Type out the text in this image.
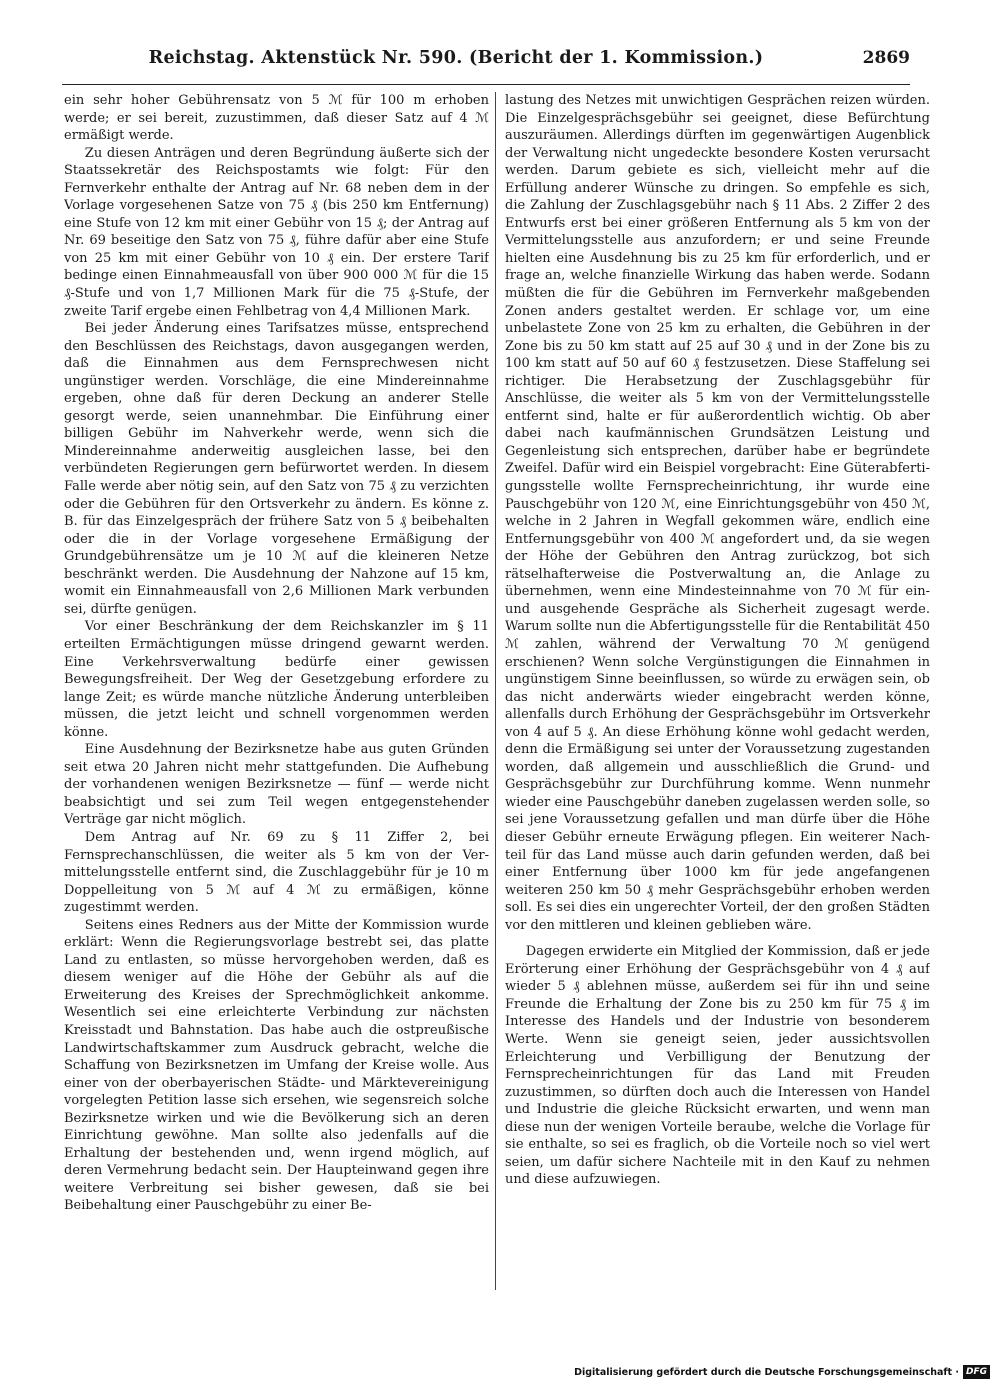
Reichstag. Aktenstück Nr. 590. (Bericht der 1. Kommission.)	2869

ein sehr hoher Gebührensatz von 5 ℳ für 100 m erhoben werde; er sei bereit, zuzustimmen, daß dieser Satz auf 4 ℳ ermäßigt werde.

Zu diesen Anträgen und deren Begründung äußerte sich der Staatssekretär des Reichspostamts wie folgt: Für den Fernverkehr enthalte der Antrag auf Nr. 68 neben dem in der Vorlage vorgesehenen Satze von 75 ₰ (bis 250 km Entfernung) eine Stufe von 12 km mit einer Gebühr von 15 ₰; der Antrag auf Nr. 69 beseitige den Satz von 75 ₰, führe dafür aber eine Stufe von 25 km mit einer Gebühr von 10 ₰ ein. Der erstere Tarif bedinge einen Einnahmeausfall von über 900 000 ℳ für die 15 ₰-Stufe und von 1,7 Millionen Mark für die 75 ₰-Stufe, der zweite Tarif ergebe einen Fehlbetrag von 4,4 Millionen Mark.

Bei jeder Änderung eines Tarifsatzes müsse, entsprechend den Beschlüssen des Reichstags, davon ausgegangen werden, daß die Einnahmen aus dem Fernsprechwesen nicht ungünstiger werden. Vorschläge, die eine Mindereinnahme ergeben, ohne daß für deren Deckung an anderer Stelle gesorgt werde, seien unannehmbar. Die Einführung einer billigen Gebühr im Nahverkehr werde, wenn sich die Mindereinnahme anderweitig ausgleichen lasse, bei den verbündeten Regierungen gern befürwortet werden. In diesem Falle werde aber nötig sein, auf den Satz von 75 ₰ zu verzichten oder die Gebühren für den Ortsverkehr zu ändern. Es könne z. B. für das Einzelgespräch der frühere Satz von 5 ₰ beibehalten oder die in der Vorlage vorgesehene Ermäßigung der Grundgebührensätze um je 10 ℳ auf die kleineren Netze beschränkt werden. Die Ausdehnung der Nahzone auf 15 km, womit ein Einnahmeausfall von 2,6 Millionen Mark verbunden sei, dürfte genügen.

Vor einer Beschränkung der dem Reichskanzler im § 11 erteilten Ermächtigungen müsse dringend gewarnt werden. Eine Verkehrsverwaltung bedürfe einer gewissen Bewegungsfreiheit. Der Weg der Gesetzgebung erfordere zu lange Zeit; es würde manche nützliche Änderung unterbleiben müssen, die jetzt leicht und schnell vorgenommen werden könne.

Eine Ausdehnung der Bezirksnetze habe aus guten Gründen seit etwa 20 Jahren nicht mehr stattgefunden. Die Aufhebung der vorhandenen wenigen Bezirksnetze — fünf — werde nicht beabsichtigt und sei zum Teil wegen entgegenstehender Verträge gar nicht möglich.

Dem Antrag auf Nr. 69 zu § 11 Ziffer 2, bei Fernsprechanschlüssen, die weiter als 5 km von der Vermittelungsstelle entfernt sind, die Zuschlaggebühr für je 10 m Doppelleitung von 5 ℳ auf 4 ℳ zu ermäßigen, könne zugestimmt werden.

Seitens eines Redners aus der Mitte der Kommission wurde erklärt: Wenn die Regierungsvorlage bestrebt sei, das platte Land zu entlasten, so müsse hervorgehoben werden, daß es diesem weniger auf die Höhe der Gebühr als auf die Erweiterung des Kreises der Sprechmöglichkeit ankomme. Wesentlich sei eine erleichterte Verbindung zur nächsten Kreisstadt und Bahnstation. Das habe auch die ostpreußische Landwirtschaftskammer zum Ausdruck gebracht, welche die Schaffung von Bezirksnetzen im Umfang der Kreise wolle. Aus einer von der oberbayerischen Städte- und Märktevereinigung vorgelegten Petition lasse sich ersehen, wie segensreich solche Bezirksnetze wirken und wie die Bevölkerung sich an deren Einrichtung gewöhne. Man sollte also jedenfalls auf die Erhaltung der bestehenden und, wenn irgend möglich, auf deren Vermehrung bedacht sein. Der Haupteinwand gegen ihre weitere Verbreitung sei bisher gewesen, daß sie bei Beibehaltung einer Pauschgebühr zu einer Be-

lastung des Netzes mit unwichtigen Gesprächen reizen würden. Die Einzelgesprächsgebühr sei geeignet, diese Befürchtung auszuräumen. Allerdings dürften im gegenwärtigen Augenblick der Verwaltung nicht ungedeckte besondere Kosten verursacht werden. Darum gebiete es sich, vielleicht mehr auf die Erfüllung anderer Wünsche zu dringen. So empfehle es sich, die Zahlung der Zuschlagsgebühr nach § 11 Abs. 2 Ziffer 2 des Entwurfs erst bei einer größeren Entfernung als 5 km von der Vermittelungsstelle aus anzufordern; er und seine Freunde hielten eine Ausdehnung bis zu 25 km für erforderlich, und er frage an, welche finanzielle Wirkung das haben werde. Sodann müßten die für die Gebühren im Fernverkehr maßgebenden Zonen anders gestaltet werden. Er schlage vor, um eine unbelastete Zone von 25 km zu erhalten, die Gebühren in der Zone bis zu 50 km statt auf 25 auf 30 ₰ und in der Zone bis zu 100 km statt auf 50 auf 60 ₰ festzusetzen. Diese Staffelung sei richtiger. Die Herabsetzung der Zuschlagsgebühr für Anschlüsse, die weiter als 5 km von der Vermittelungsstelle entfernt sind, halte er für außerordentlich wichtig. Ob aber dabei nach kaufmännischen Grundsätzen Leistung und Gegenleistung sich entsprechen, darüber habe er begründete Zweifel. Dafür wird ein Beispiel vorgebracht: Eine Güterabfertigungsstelle wollte Fernsprecheinrichtung, ihr wurde eine Pauschgebühr von 120 ℳ, eine Einrichtungsgebühr von 450 ℳ, welche in 2 Jahren in Wegfall gekommen wäre, endlich eine Entfernungsgebühr von 400 ℳ angefordert und, da sie wegen der Höhe der Gebühren den Antrag zurückzog, bot sich rätselhafterweise die Postverwaltung an, die Anlage zu übernehmen, wenn eine Mindesteinnahme von 70 ℳ für ein- und ausgehende Gespräche als Sicherheit zugesagt werde. Warum sollte nun die Abfertigungsstelle für die Rentabilität 450 ℳ zahlen, während der Verwaltung 70 ℳ genügend erschienen? Wenn solche Vergünstigungen die Einnahmen in ungünstigem Sinne beeinflussen, so würde zu erwägen sein, ob das nicht anderwärts wieder eingebracht werden könne, allenfalls durch Erhöhung der Gesprächsgebühr im Ortsverkehr von 4 auf 5 ₰. An diese Erhöhung könne wohl gedacht werden, denn die Ermäßigung sei unter der Voraussetzung zugestanden worden, daß allgemein und ausschließlich die Grund- und Gesprächsgebühr zur Durchführung komme. Wenn nunmehr wieder eine Pauschgebühr daneben zugelassen werden solle, so sei jene Voraussetzung gefallen und man dürfe über die Höhe dieser Gebühr erneute Erwägung pflegen. Ein weiterer Nachteil für das Land müsse auch darin gefunden werden, daß bei einer Entfernung über 1000 km für jede angefangenen weiteren 250 km 50 ₰ mehr Gesprächsgebühr erhoben werden soll. Es sei dies ein ungerechter Vorteil, der den großen Städten vor den mittleren und kleinen geblieben wäre.

Dagegen erwiderte ein Mitglied der Kommission, daß er jede Erörterung einer Erhöhung der Gesprächsgebühr von 4 ₰ auf wieder 5 ₰ ablehnen müsse, außerdem sei für ihn und seine Freunde die Erhaltung der Zone bis zu 250 km für 75 ₰ im Interesse des Handels und der Industrie von besonderem Werte. Wenn sie geneigt seien, jeder aussichtsvollen Erleichterung und Verbilligung der Benutzung der Fernsprecheinrichtungen für das Land mit Freuden zuzustimmen, so dürften doch auch die Interessen von Handel und Industrie die gleiche Rücksicht erwarten, und wenn man diese nun der wenigen Vorteile beraube, welche die Vorlage für sie enthalte, so sei es fraglich, ob die Vorteile noch so viel wert seien, um dafür sichere Nachteile mit in den Kauf zu nehmen und diese aufzuwiegen.

Digitalisierung gefördert durch die Deutsche Forschungsgemeinschaft · DFG
